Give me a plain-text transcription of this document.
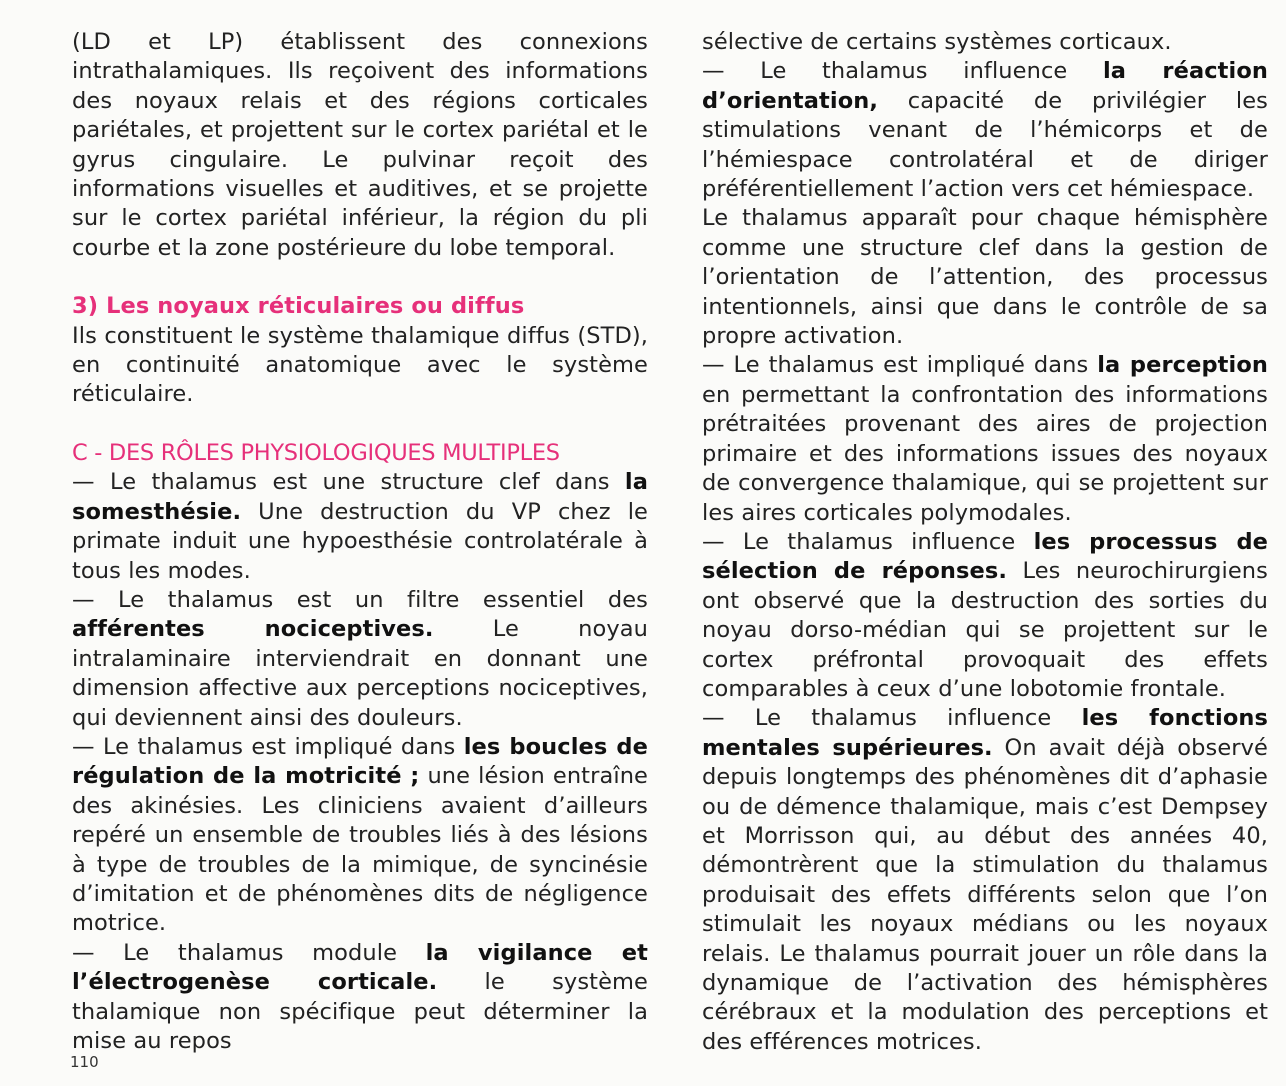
(LD et LP) établissent des connexions intrathalamiques. Ils reçoivent des informations des noyaux relais et des régions corticales pariétales, et projettent sur le cortex pariétal et le gyrus cingulaire. Le pulvinar reçoit des informations visuelles et auditives, et se projette sur le cortex pariétal inférieur, la région du pli courbe et la zone postérieure du lobe temporal.

3) Les noyaux réticulaires ou diffus

Ils constituent le système thalamique diffus (STD), en continuité anatomique avec le système réticulaire.

C - DES RÔLES PHYSIOLOGIQUES MULTIPLES

— Le thalamus est une structure clef dans la somesthésie. Une destruction du VP chez le primate induit une hypoesthésie controlatérale à tous les modes.

— Le thalamus est un filtre essentiel des afférentes nociceptives. Le noyau intralaminaire interviendrait en donnant une dimension affective aux perceptions nociceptives, qui deviennent ainsi des douleurs.

— Le thalamus est impliqué dans les boucles de régulation de la motricité ; une lésion entraîne des akinésies. Les cliniciens avaient d’ailleurs repéré un ensemble de troubles liés à des lésions à type de troubles de la mimique, de syncinésie d’imitation et de phénomènes dits de négligence motrice.

— Le thalamus module la vigilance et l’électrogenèse corticale. le système thalamique non spécifique peut déterminer la mise au repos

sélective de certains systèmes corticaux.

— Le thalamus influence la réaction d’orientation, capacité de privilégier les stimulations venant de l’hémicorps et de l’hémiespace controlatéral et de diriger préférentiellement l’action vers cet hémiespace.

Le thalamus apparaît pour chaque hémisphère comme une structure clef dans la gestion de l’orientation de l’attention, des processus intentionnels, ainsi que dans le contrôle de sa propre activation.

— Le thalamus est impliqué dans la perception en permettant la confrontation des informations prétraitées provenant des aires de projection primaire et des informations issues des noyaux de convergence thalamique, qui se projettent sur les aires corticales polymodales.

— Le thalamus influence les processus de sélection de réponses. Les neurochirurgiens ont observé que la destruction des sorties du noyau dorso-médian qui se projettent sur le cortex préfrontal provoquait des effets comparables à ceux d’une lobotomie frontale.

— Le thalamus influence les fonctions mentales supérieures. On avait déjà observé depuis longtemps des phénomènes dit d’aphasie ou de démence thalamique, mais c’est Dempsey et Morrisson qui, au début des années 40, démontrèrent que la stimulation du thalamus produisait des effets différents selon que l’on stimulait les noyaux médians ou les noyaux relais. Le thalamus pourrait jouer un rôle dans la dynamique de l’activation des hémisphères cérébraux et la modulation des perceptions et des efférences motrices.

110
